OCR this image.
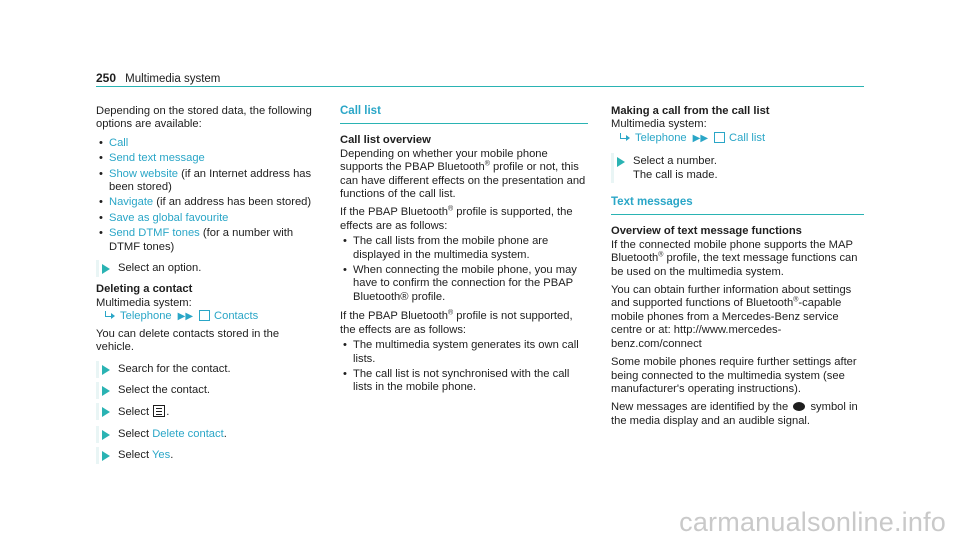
250 Multimedia system

Depending on the stored data, the following options are available:

• Call
• Send text message
• Show website (if an Internet address has been stored)
• Navigate (if an address has been stored)
• Save as global favourite
• Send DTMF tones (for a number with DTMF tones)
Select an option.

Deleting a contact

Multimedia system:

Telephone ▶▶ Contacts

You can delete contacts stored in the vehicle.

Search for the contact.
Select the contact.
Select .
Select Delete contact.
Select Yes.
Call list

Call list overview

Depending on whether your mobile phone supports the PBAP Bluetooth® profile or not, this can have different effects on the presentation and functions of the call list.

If the PBAP Bluetooth® profile is supported, the effects are as follows:

• The call lists from the mobile phone are displayed in the multimedia system.
• When connecting the mobile phone, you may have to confirm the connection for the PBAP Bluetooth® profile.

If the PBAP Bluetooth® profile is not supported, the effects are as follows:

• The multimedia system generates its own call lists.
• The call list is not synchronised with the call lists in the mobile phone.

Making a call from the call list

Multimedia system:

Telephone ▶▶ Call list
Select a number.
The call is made.
Text messages

Overview of text message functions

If the connected mobile phone supports the MAP Bluetooth® profile, the text message functions can be used on the multimedia system.

You can obtain further information about settings and supported functions of Bluetooth®-capable mobile phones from a Mercedes-Benz service centre or at: http://www.mercedes-benz.com/connect

Some mobile phones require further settings after being connected to the multimedia system (see manufacturer's operating instructions).

New messages are identified by the symbol in the media display and an audible signal.

carmanualsonline.info
